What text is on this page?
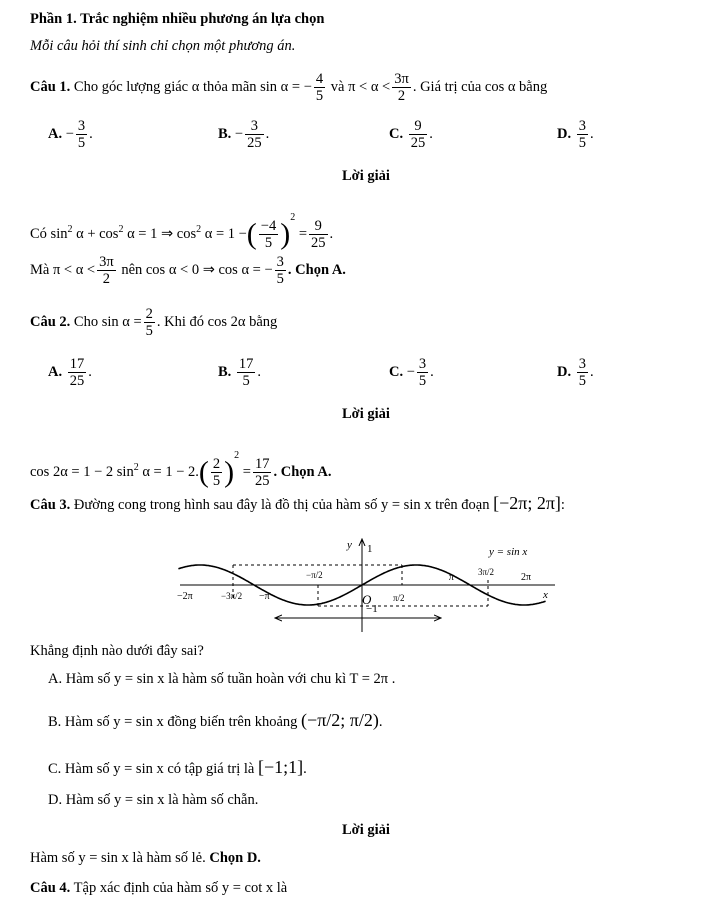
Phần 1. Trắc nghiệm nhiều phương án lựa chọn
Mỗi câu hỏi thí sinh chỉ chọn một phương án.
Câu 1. Cho góc lượng giác α thỏa mãn sin α = − $\frac{4}{5}$ và $\pi < \alpha < \frac{3\pi}{2}$ . Giá trị của cos α bằng
A. − $\frac{3}{5}$ .	B. − $\frac{3}{25}$ .	C. $\frac{9}{25}$ .	D. $\frac{3}{5}$ .
Lời giải
Có $\sin^2 \alpha + \cos^2 \alpha = 1$ ⇒ $\cos^2 \alpha = 1$ −( $\frac{-4}{5} )^2 = \frac{9}{25}$ .
Mà $\pi < \alpha < \frac{3\pi}{2}$ nên cos α < 0 ⇒ cos α = − $\frac{3}{5}$ . Chọn A.
Câu 2. Cho $\sin \alpha = \frac{2}{5}$ . Khi đó cos 2α bằng
A. $\frac{17}{25}$ .	B. $\frac{17}{5}$ .	C. − $\frac{3}{5}$ .	D. $\frac{3}{5}$ .
Lời giải
cos 2α = 1 − 2 $\sin^2 \alpha = 1 - 2.( \frac{2}{5} )^2 = \frac{17}{25}$ . Chọn A.
Câu 3. Đường cong trong hình sau đây là đồ thị của hàm số y = sin x trên đoạn [−2π; 2π]:
y 1	y = sin x
x
O
−1
−2π	−3π/2 −π
−π/2
π/2
π	3π/2	2π
Khẳng định nào dưới đây sai?
A. Hàm số y = sin x là hàm số tuần hoàn với chu kì T = 2π .
B. Hàm số y = sin x đồng biến trên khoảng (−π/2; π/2).
C. Hàm số y = sin x có tập giá trị là [−1;1].
D. Hàm số y = sin x là hàm số chẵn.
Lời giải
Hàm số y = sin x là hàm số lẻ. Chọn D.
Câu 4. Tập xác định của hàm số y = cot x là
